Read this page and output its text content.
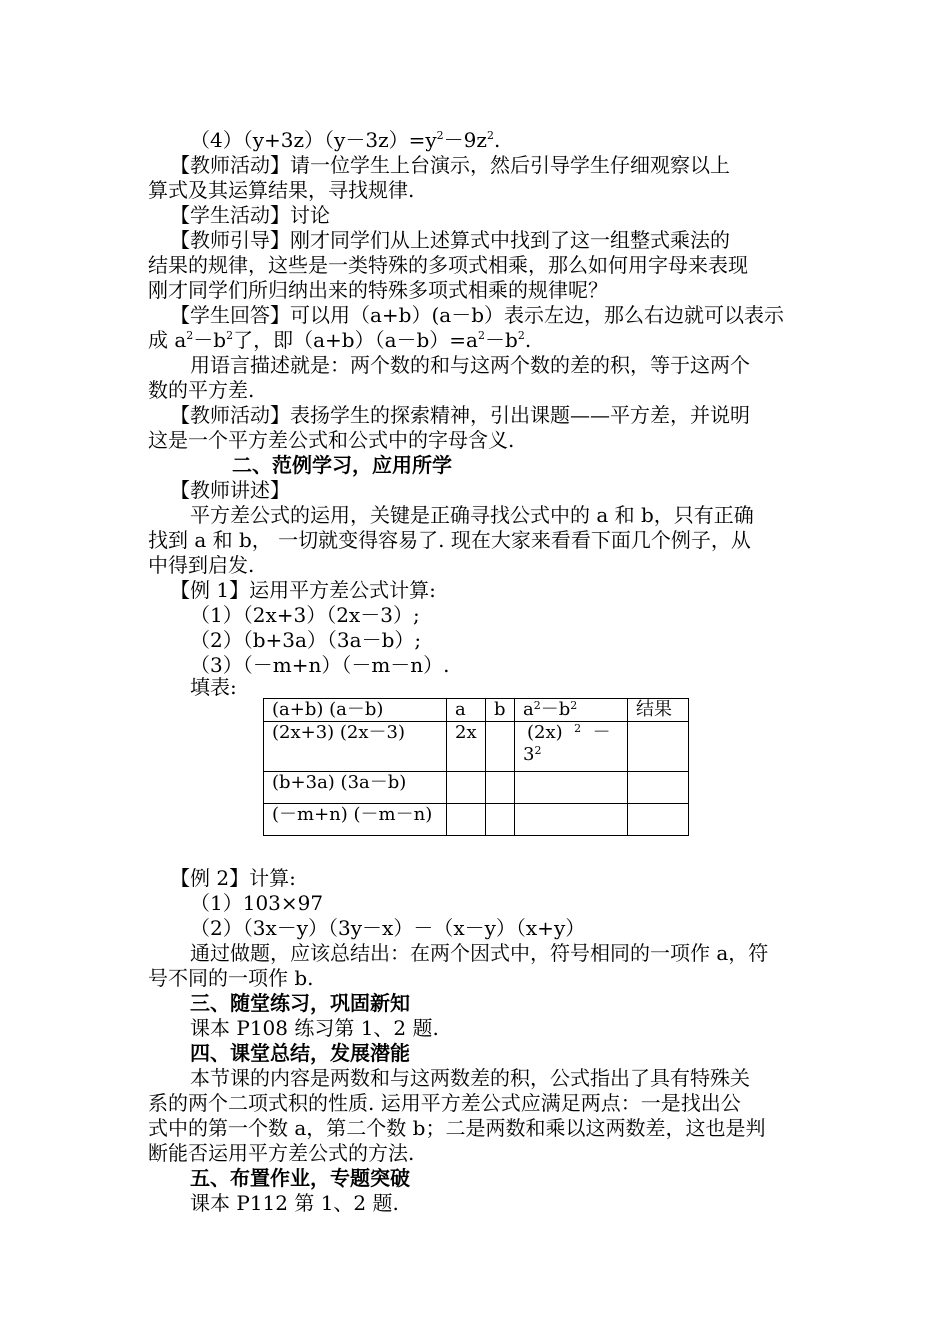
$(4)(y+3z)(y-3z)=y^2-9z^2$.
【教师活动】请一位学生上台演示，然后引导学生仔细观察以上
算式及其运算结果，寻找规律.
【学生活动】讨论
【教师引导】刚才同学们从上述算式中找到了这一组整式乘法的
结果的规律，这些是一类特殊的多项式相乘，那么如何用字母来表现
刚才同学们所归纳出来的特殊多项式相乘的规律呢？
【学生回答】可以用（a+b）(a－b）表示左边，那么右边就可以表示
成 $a^2-b^2$了，即$(a+b)(a-b)=a^2-b^2$.
用语言描述就是：两个数的和与这两个数的差的积，等于这两个
数的平方差.
【教师活动】表扬学生的探索精神，引出课题——平方差，并说明
这是一个平方差公式和公式中的字母含义.
二、范例学习，应用所学
【教师讲述】
平方差公式的运用，关键是正确寻找公式中的 a 和 b，只有正确
找到 a 和 b， 一切就变得容易了. 现在大家来看看下面几个例子，从
中得到启发.
【例 1】运用平方差公式计算:
（1）（2x+3）（2x－3）;
（2）（b+3a）（3a－b）;
（3）（－m+n）（－m－n）.
填表:
(a+b) (a－b)	a	b	$a^2-b^2$	结果
(2x+3) (2x－3)	2x		(2x) $^2$ －
$3^2$

(b+3a) (3a－b)				
(－m+n) (－m－n)				
【例 2】计算:
（1）103×97
（2）（3x－y）（3y－x）－（x－y）（x+y）
通过做题，应该总结出：在两个因式中，符号相同的一项作 a，符
号不同的一项作 b.
三、随堂练习，巩固新知
课本 P108 练习第 1、2 题.
四、课堂总结，发展潜能
本节课的内容是两数和与这两数差的积，公式指出了具有特殊关
系的两个二项式积的性质. 运用平方差公式应满足两点：一是找出公
式中的第一个数 a，第二个数 b；二是两数和乘以这两数差，这也是判
断能否运用平方差公式的方法.
五、布置作业，专题突破
课本 P112 第 1、2 题.
